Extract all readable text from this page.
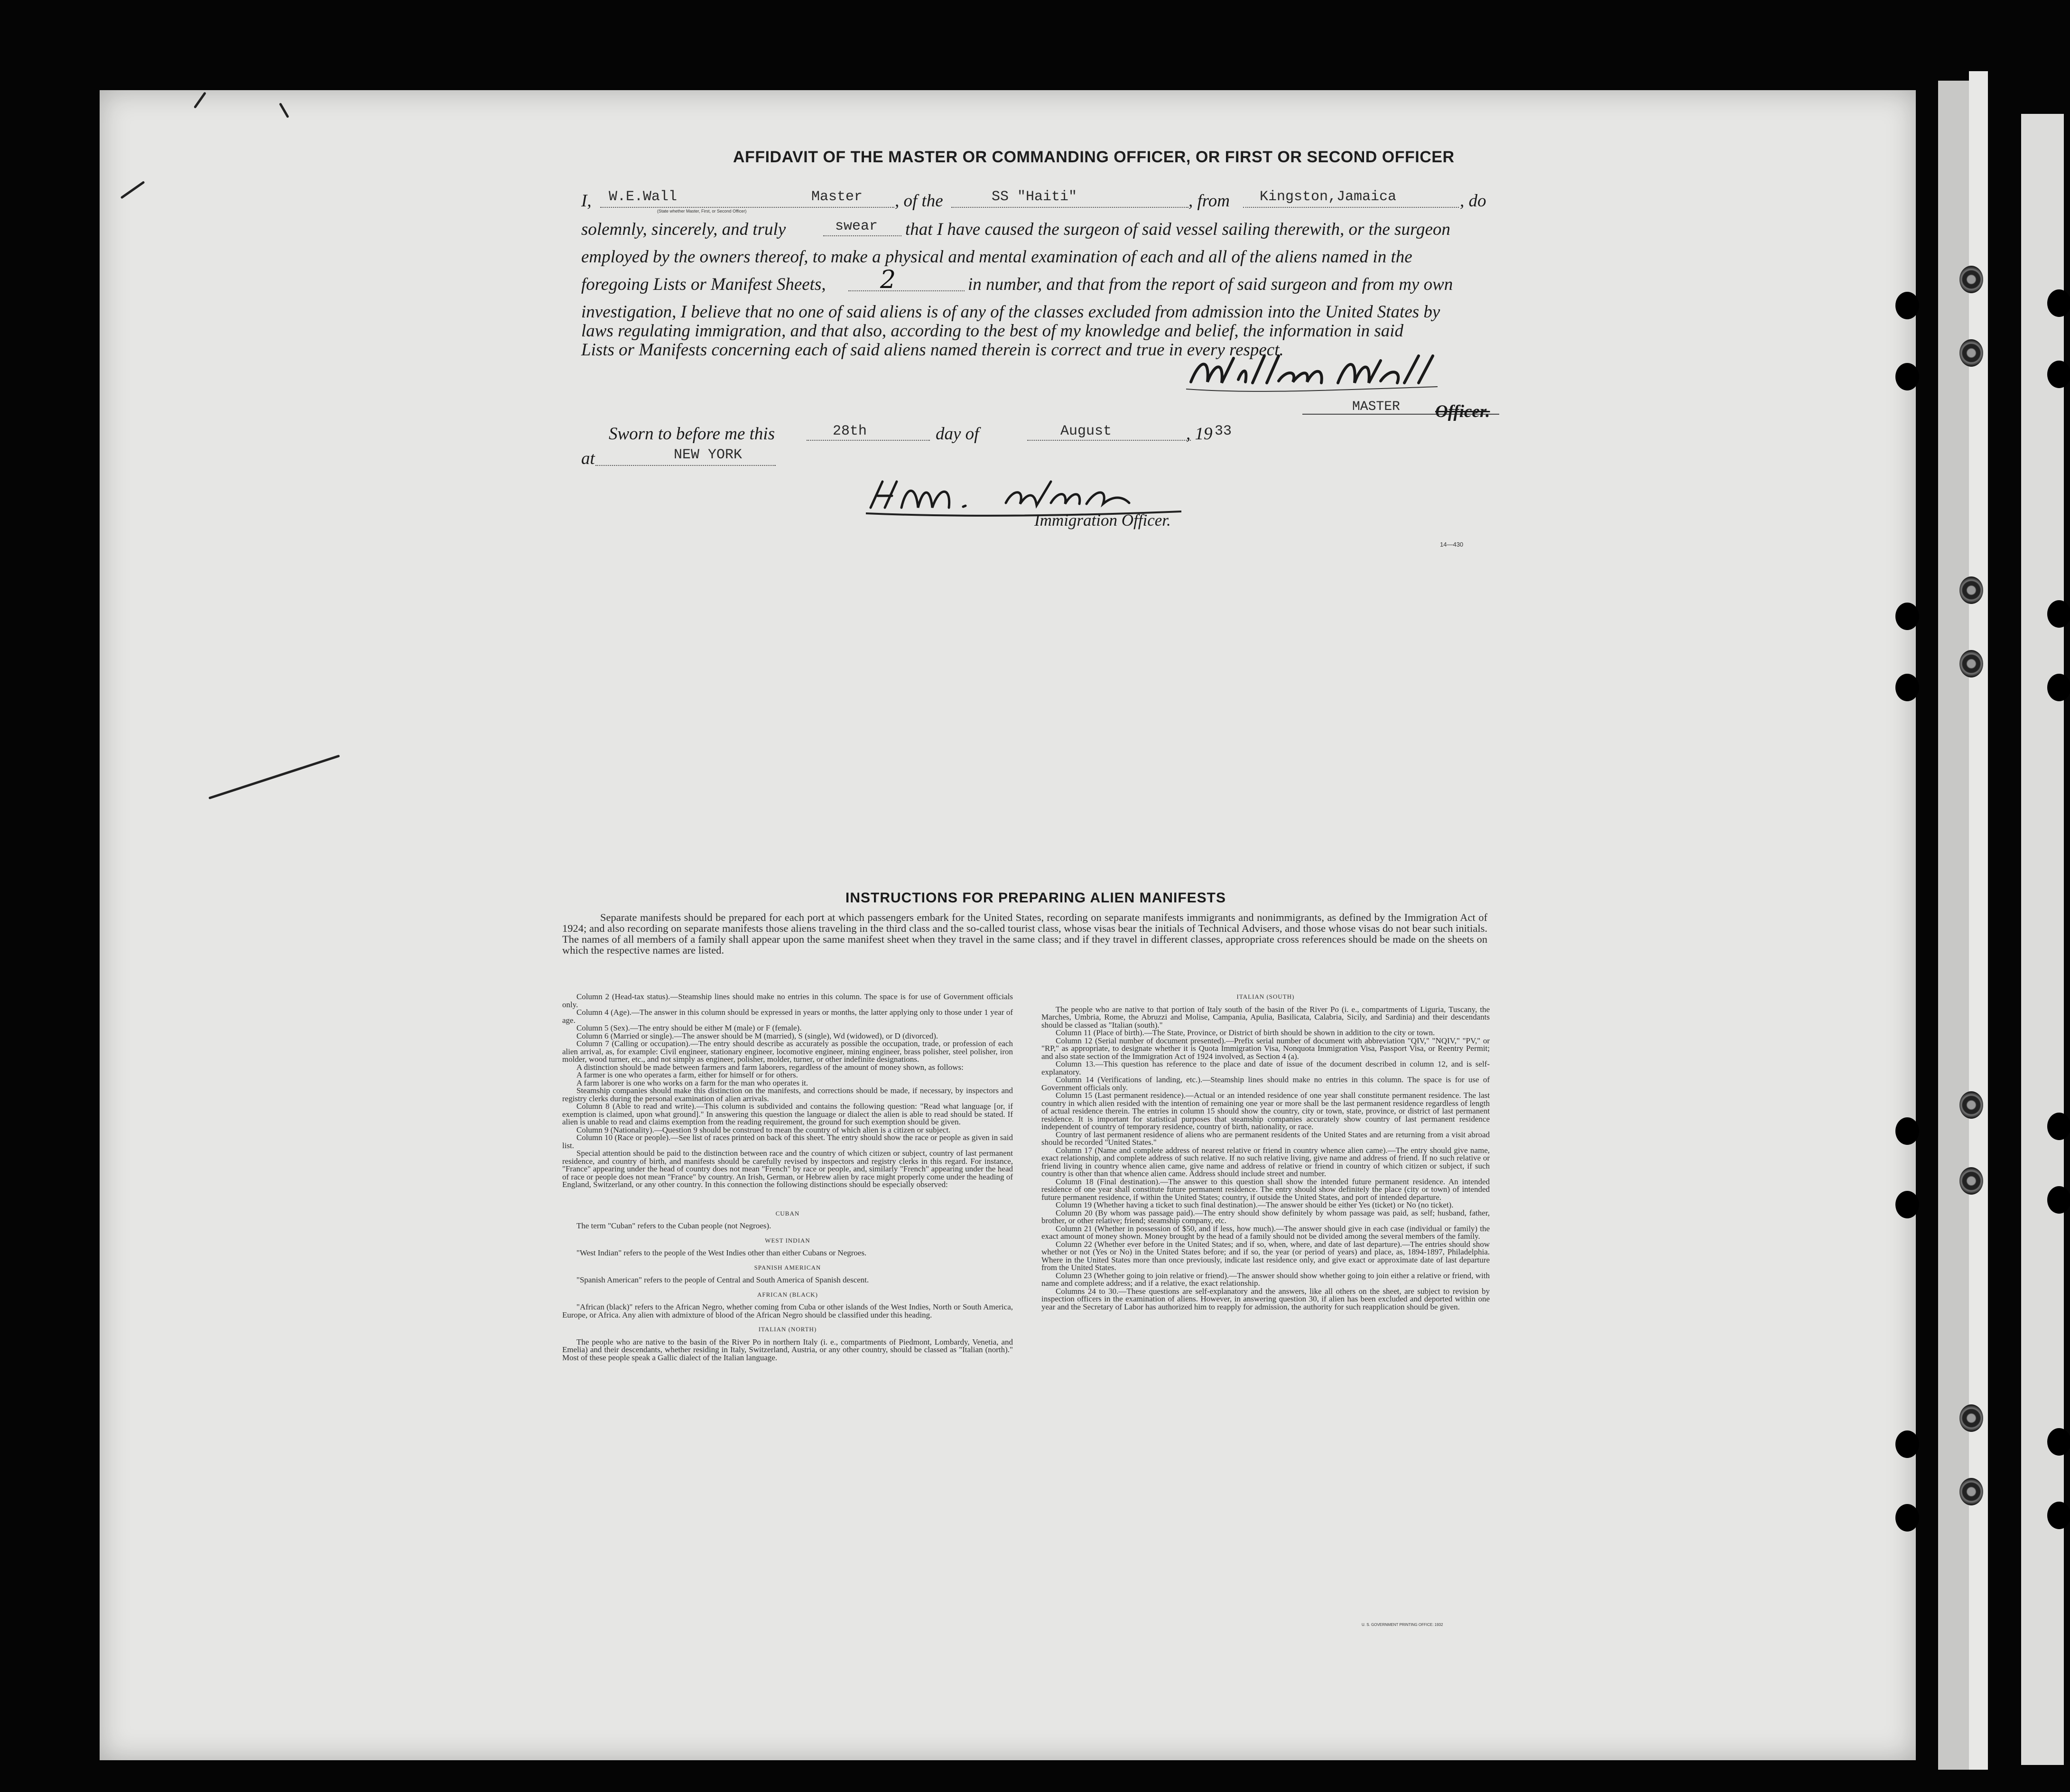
AFFIDAVIT OF THE MASTER OR COMMANDING OFFICER, OR FIRST OR SECOND OFFICER
I, W.E.Wall	Master
(State whether Master, First, or Second Officer)
, of the	SS "Haiti"	, from Kingston,Jamaica	, do
solemnly, sincerely, and truly	swear that I have caused the surgeon of said vessel sailing therewith, or the surgeon
employed by the owners thereof, to make a physical and mental examination of each and all of the aliens named in the
foregoing Lists or Manifest Sheets, 2	in number, and that from the report of said surgeon and from my own
investigation, I believe that no one of said aliens is of any of the classes excluded from admission into the United States by
laws regulating immigration, and that also, according to the best of my knowledge and belief, the information in said
Lists or Manifests concerning each of said aliens named therein is correct and true in every respect.
MASTER Officer.
Sworn to before me this	28th	day of	August	, 19 33
at	NEW YORK
Immigration Officer.
14—430
INSTRUCTIONS FOR PREPARING ALIEN MANIFESTS
Separate manifests should be prepared for each port at which passengers embark for the United States, recording on separate manifests immigrants and nonimmigrants, as defined by the Immigration Act of 1924; and also recording on separate manifests those aliens traveling in the third class and the so-called tourist class, whose visas bear the initials of Technical Advisers, and those whose visas do not bear such initials. The names of all members of a family shall appear upon the same manifest sheet when they travel in the same class; and if they travel in different classes, appropriate cross references should be made on the sheets on which the respective names are listed.

Column 2 (Head-tax status).—Steamship lines should make no entries in this column. The space is for use of Government officials only.

Column 4 (Age).—The answer in this column should be expressed in years or months, the latter applying only to those under 1 year of age.

Column 5 (Sex).—The entry should be either M (male) or F (female).

Column 6 (Married or single).—The answer should be M (married), S (single), Wd (widowed), or D (divorced).

Column 7 (Calling or occupation).—The entry should describe as accurately as possible the occupation, trade, or profession of each alien arrival, as, for example: Civil engineer, stationary engineer, locomotive engineer, mining engineer, brass polisher, steel polisher, iron molder, wood turner, etc., and not simply as engineer, polisher, molder, turner, or other indefinite designations.

A distinction should be made between farmers and farm laborers, regardless of the amount of money shown, as follows:

A farmer is one who operates a farm, either for himself or for others.

A farm laborer is one who works on a farm for the man who operates it.

Steamship companies should make this distinction on the manifests, and corrections should be made, if necessary, by inspectors and registry clerks during the personal examination of alien arrivals.

Column 8 (Able to read and write).—This column is subdivided and contains the following question: "Read what language [or, if exemption is claimed, upon what ground]." In answering this question the language or dialect the alien is able to read should be stated. If alien is unable to read and claims exemption from the reading requirement, the ground for such exemption should be given.

Column 9 (Nationality).—Question 9 should be construed to mean the country of which alien is a citizen or subject.

Column 10 (Race or people).—See list of races printed on back of this sheet. The entry should show the race or people as given in said list.

Special attention should be paid to the distinction between race and the country of which citizen or subject, country of last permanent residence, and country of birth, and manifests should be carefully revised by inspectors and registry clerks in this regard. For instance, "France" appearing under the head of country does not mean "French" by race or people, and, similarly "French" appearing under the head of race or people does not mean "France" by country. An Irish, German, or Hebrew alien by race might properly come under the heading of England, Switzerland, or any other country. In this connection the following distinctions should be especially observed:

CUBAN

The term "Cuban" refers to the Cuban people (not Negroes).

WEST INDIAN

"West Indian" refers to the people of the West Indies other than either Cubans or Negroes.

SPANISH AMERICAN

"Spanish American" refers to the people of Central and South America of Spanish descent.

AFRICAN (BLACK)

"African (black)" refers to the African Negro, whether coming from Cuba or other islands of the West Indies, North or South America, Europe, or Africa. Any alien with admixture of blood of the African Negro should be classified under this heading.

ITALIAN (NORTH)

The people who are native to the basin of the River Po in northern Italy (i. e., compartments of Piedmont, Lombardy, Venetia, and Emelia) and their descendants, whether residing in Italy, Switzerland, Austria, or any other country, should be classed as "Italian (north)." Most of these people speak a Gallic dialect of the Italian language.

ITALIAN (SOUTH)

The people who are native to that portion of Italy south of the basin of the River Po (i. e., compartments of Liguria, Tuscany, the Marches, Umbria, Rome, the Abruzzi and Molise, Campania, Apulia, Basilicata, Calabria, Sicily, and Sardinia) and their descendants should be classed as "Italian (south)."

Column 11 (Place of birth).—The State, Province, or District of birth should be shown in addition to the city or town.

Column 12 (Serial number of document presented).—Prefix serial number of document with abbreviation "QIV," "NQIV," "PV," or "RP," as appropriate, to designate whether it is Quota Immigration Visa, Nonquota Immigration Visa, Passport Visa, or Reentry Permit; and also state section of the Immigration Act of 1924 involved, as Section 4 (a).

Column 13.—This question has reference to the place and date of issue of the document described in column 12, and is self-explanatory.

Column 14 (Verifications of landing, etc.).—Steamship lines should make no entries in this column. The space is for use of Government officials only.

Column 15 (Last permanent residence).—Actual or an intended residence of one year shall constitute permanent residence. The last country in which alien resided with the intention of remaining one year or more shall be the last permanent residence regardless of length of actual residence therein. The entries in column 15 should show the country, city or town, state, province, or district of last permanent residence. It is important for statistical purposes that steamship companies accurately show country of last permanent residence independent of country of temporary residence, country of birth, nationality, or race.

Country of last permanent residence of aliens who are permanent residents of the United States and are returning from a visit abroad should be recorded "United States."

Column 17 (Name and complete address of nearest relative or friend in country whence alien came).—The entry should give name, exact relationship, and complete address of such relative. If no such relative living, give name and address of friend. If no such relative or friend living in country whence alien came, give name and address of relative or friend in country of which citizen or subject, if such country is other than that whence alien came. Address should include street and number.

Column 18 (Final destination).—The answer to this question shall show the intended future permanent residence. An intended residence of one year shall constitute future permanent residence. The entry should show definitely the place (city or town) of intended future permanent residence, if within the United States; country, if outside the United States, and port of intended departure.

Column 19 (Whether having a ticket to such final destination).—The answer should be either Yes (ticket) or No (no ticket).

Column 20 (By whom was passage paid).—The entry should show definitely by whom passage was paid, as self; husband, father, brother, or other relative; friend; steamship company, etc.

Column 21 (Whether in possession of $50, and if less, how much).—The answer should give in each case (individual or family) the exact amount of money shown. Money brought by the head of a family should not be divided among the several members of the family.

Column 22 (Whether ever before in the United States; and if so, when, where, and date of last departure).—The entries should show whether or not (Yes or No) in the United States before; and if so, the year (or period of years) and place, as, 1894-1897, Philadelphia. Where in the United States more than once previously, indicate last residence only, and give exact or approximate date of last departure from the United States.

Column 23 (Whether going to join relative or friend).—The answer should show whether going to join either a relative or friend, with name and complete address; and if a relative, the exact relationship.

Columns 24 to 30.—These questions are self-explanatory and the answers, like all others on the sheet, are subject to revision by inspection officers in the examination of aliens. However, in answering question 30, if alien has been excluded and deported within one year and the Secretary of Labor has authorized him to reapply for admission, the authority for such reapplication should be given.

U. S. GOVERNMENT PRINTING OFFICE: 1932
